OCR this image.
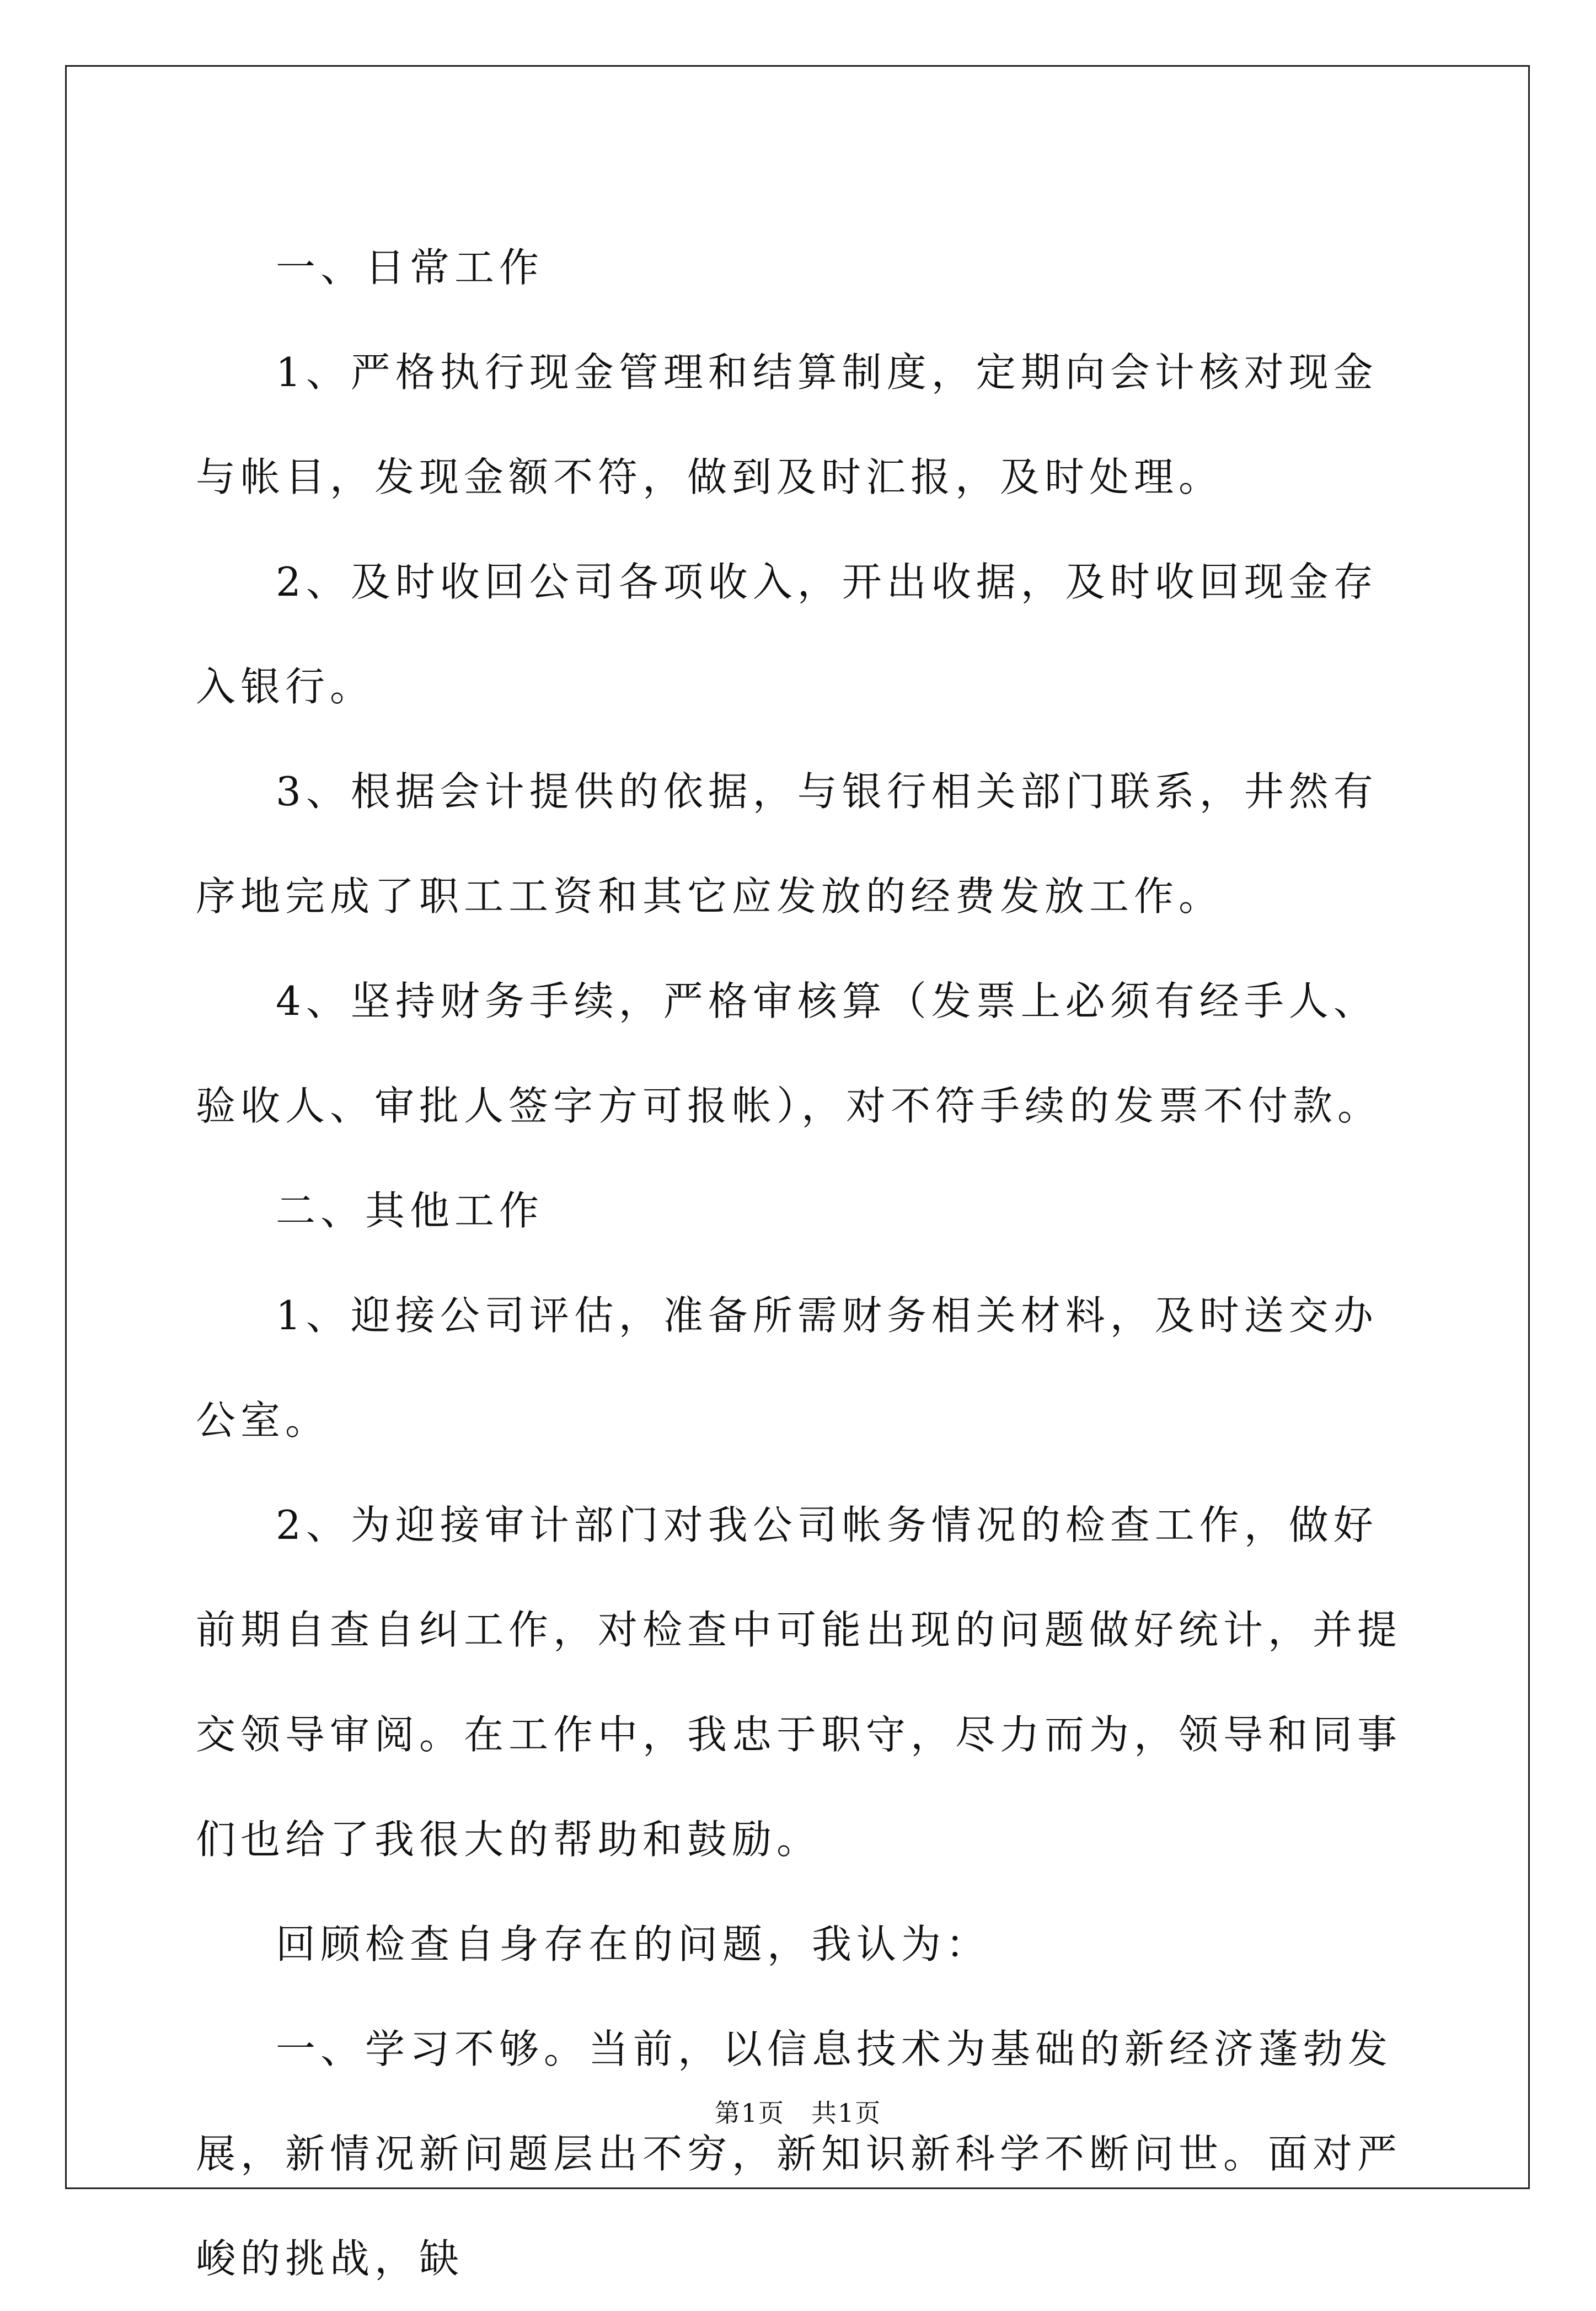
一、日常工作

1、严格执行现金管理和结算制度，定期向会计核对现金与帐目，发现金额不符，做到及时汇报，及时处理。

2、及时收回公司各项收入，开出收据，及时收回现金存入银行。

3、根据会计提供的依据，与银行相关部门联系，井然有序地完成了职工工资和其它应发放的经费发放工作。

4、坚持财务手续，严格审核算（发票上必须有经手人、验收人、审批人签字方可报帐），对不符手续的发票不付款。

二、其他工作

1、迎接公司评估，准备所需财务相关材料，及时送交办公室。

2、为迎接审计部门对我公司帐务情况的检查工作，做好前期自查自纠工作，对检查中可能出现的问题做好统计，并提交领导审阅。在工作中，我忠于职守，尽力而为，领导和同事们也给了我很大的帮助和鼓励。

回顾检查自身存在的问题，我认为：

一、学习不够。当前，以信息技术为基础的新经济蓬勃发展，新情况新问题层出不穷，新知识新科学不断问世。面对严峻的挑战，缺

第1页　共1页
